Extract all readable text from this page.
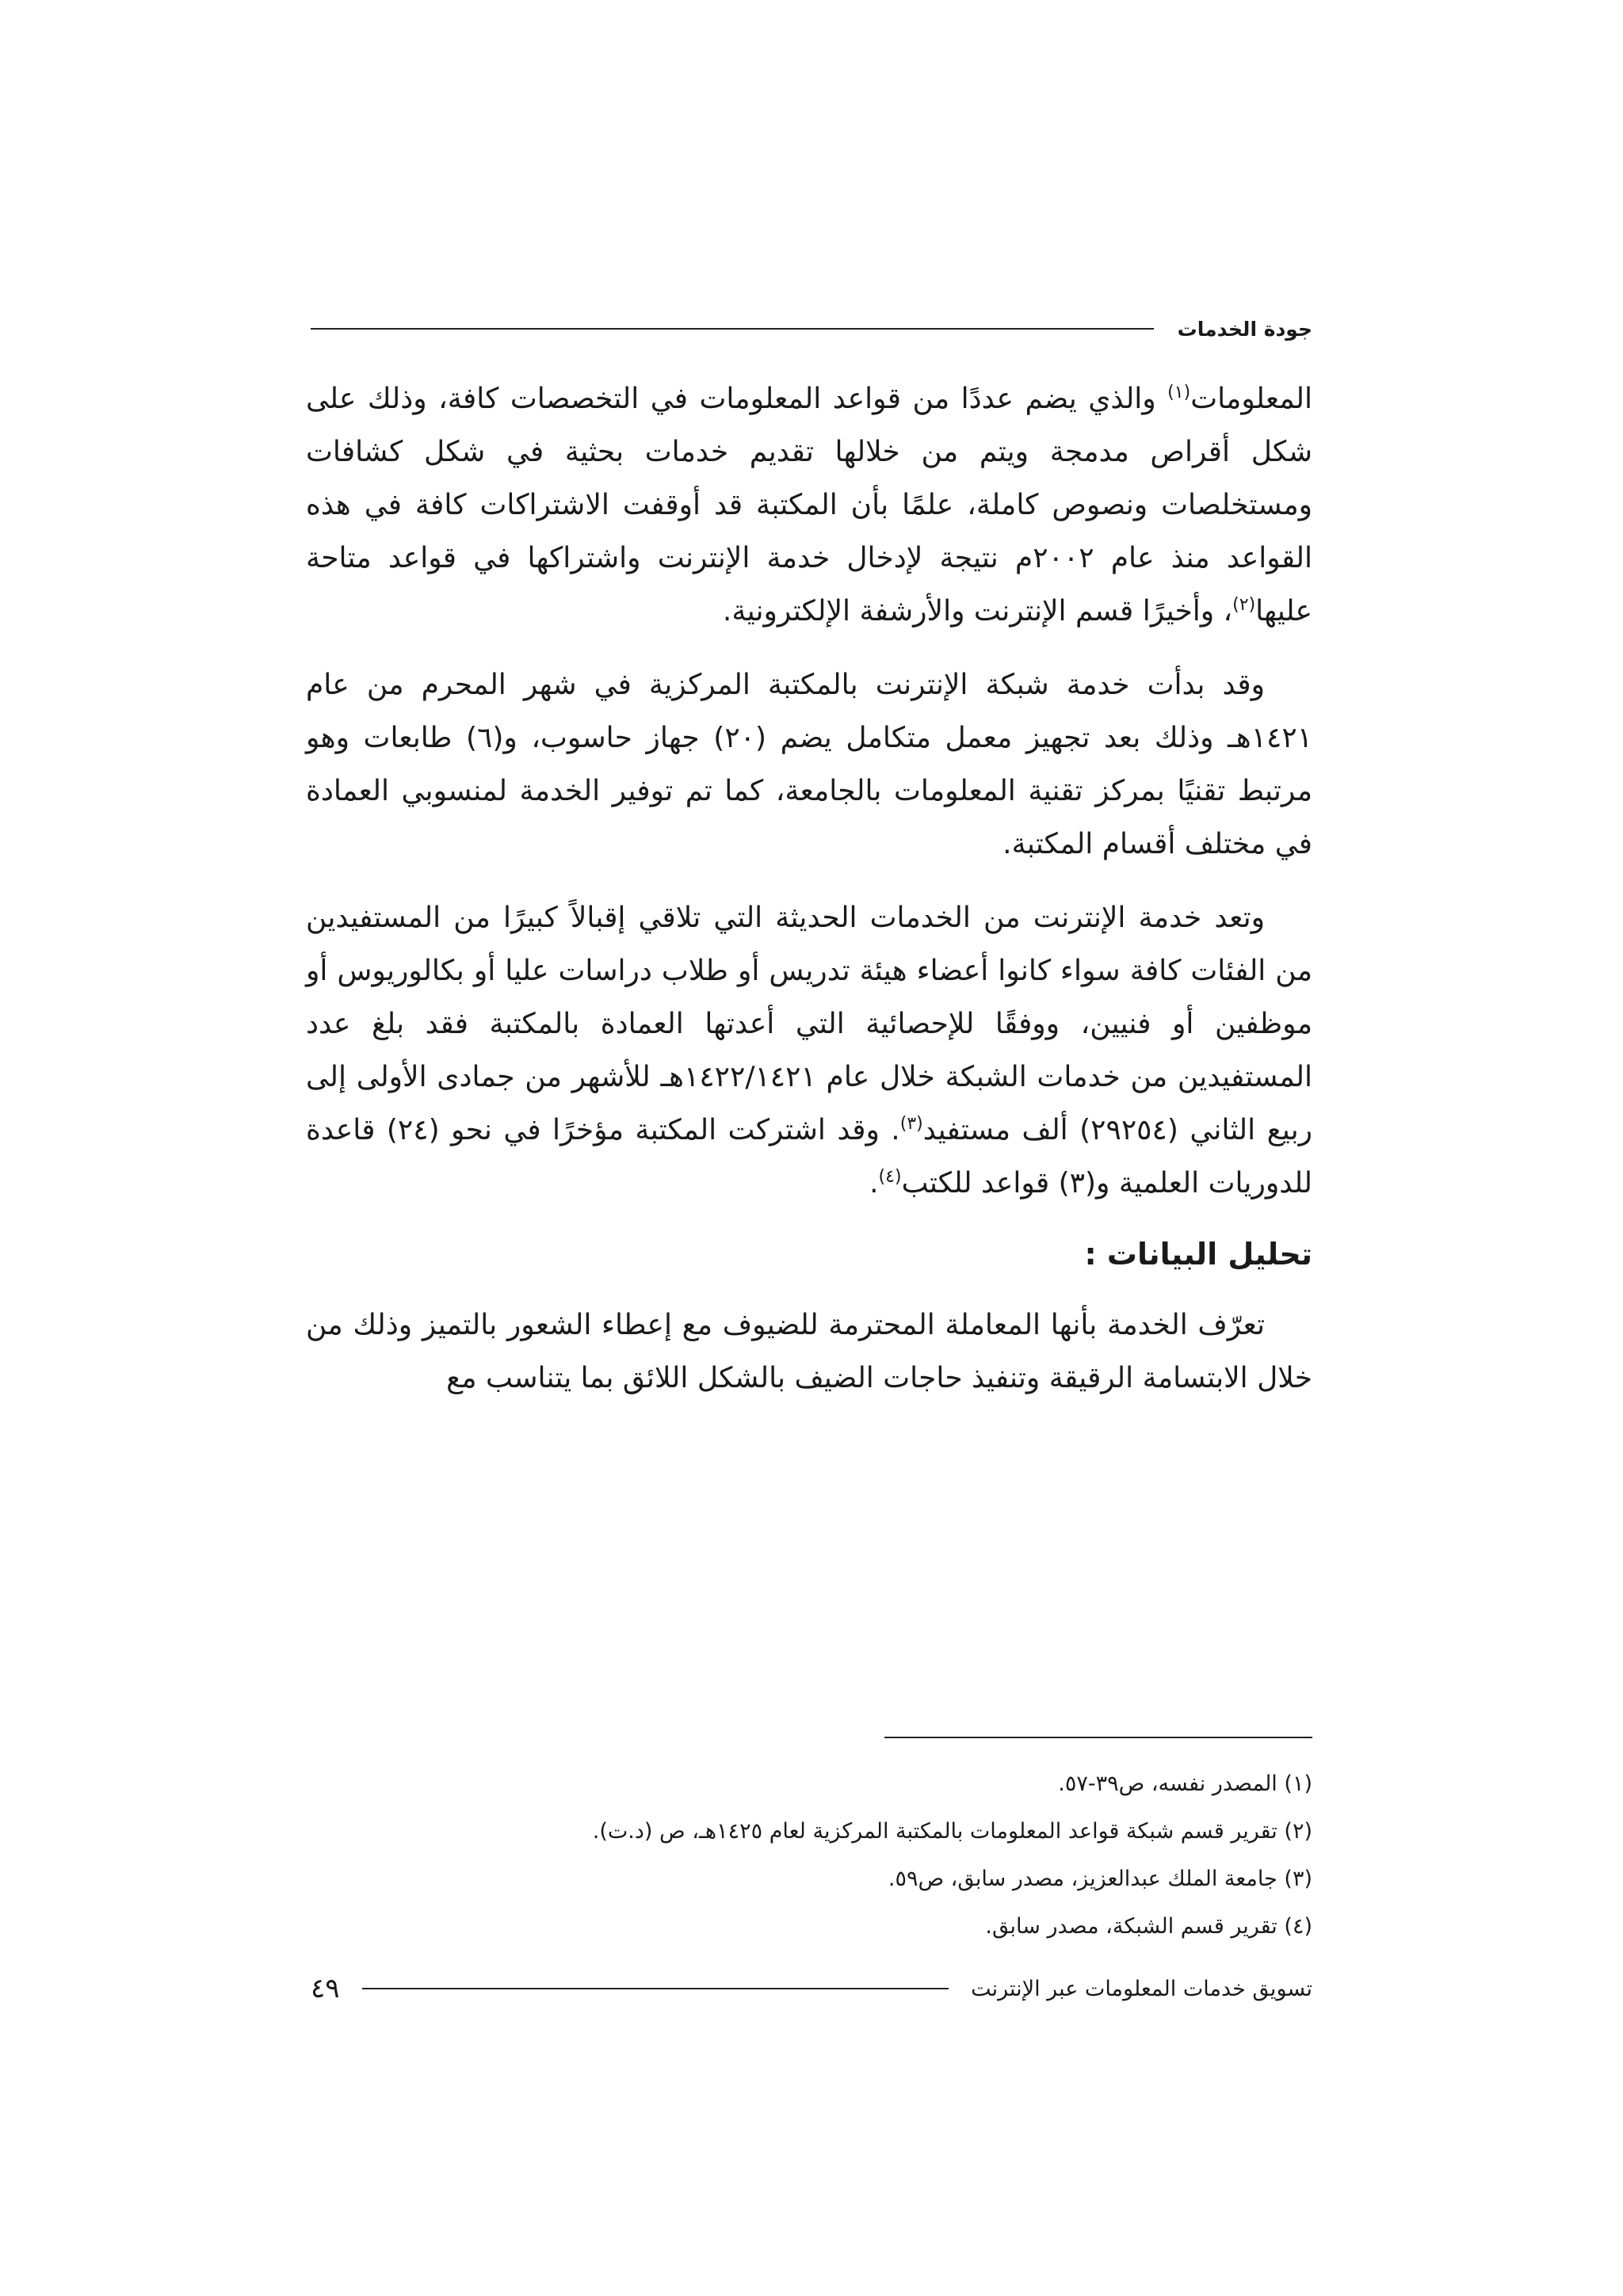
جودة الخدمات

المعلومات$^{(١)}$ والذي يضم عددًا من قواعد المعلومات في التخصصات كافة، وذلك على شكل أقراص مدمجة ويتم من خلالها تقديم خدمات بحثية في شكل كشافات ومستخلصات ونصوص كاملة، علمًا بأن المكتبة قد أوقفت الاشتراكات كافة في هذه القواعد منذ عام ٢٠٠٢م نتيجة لإدخال خدمة الإنترنت واشتراكها في قواعد متاحة عليها$^{(٢)}$، وأخيرًا قسم الإنترنت والأرشفة الإلكترونية.

وقد بدأت خدمة شبكة الإنترنت بالمكتبة المركزية في شهر المحرم من عام ١٤٢١هـ وذلك بعد تجهيز معمل متكامل يضم (٢٠) جهاز حاسوب، و(٦) طابعات وهو مرتبط تقنيًا بمركز تقنية المعلومات بالجامعة، كما تم توفير الخدمة لمنسوبي العمادة في مختلف أقسام المكتبة.

وتعد خدمة الإنترنت من الخدمات الحديثة التي تلاقي إقبالاً كبيرًا من المستفيدين من الفئات كافة سواء كانوا أعضاء هيئة تدريس أو طلاب دراسات عليا أو بكالوريوس أو موظفين أو فنيين، ووفقًا للإحصائية التي أعدتها العمادة بالمكتبة فقد بلغ عدد المستفيدين من خدمات الشبكة خلال عام ١٤٢٢/١٤٢١هـ للأشهر من جمادى الأولى إلى ربيع الثاني (٢٩٢٥٤) ألف مستفيد$^{(٣)}$. وقد اشتركت المكتبة مؤخرًا في نحو (٢٤) قاعدة للدوريات العلمية و(٣) قواعد للكتب$^{(٤)}$.

تحليل البيانات :

تعرّف الخدمة بأنها المعاملة المحترمة للضيوف مع إعطاء الشعور بالتميز وذلك من خلال الابتسامة الرقيقة وتنفيذ حاجات الضيف بالشكل اللائق بما يتناسب مع

(١) المصدر نفسه، ص٣٩-٥٧.

(٢) تقرير قسم شبكة قواعد المعلومات بالمكتبة المركزية لعام ١٤٢٥هـ، ص (د.ت).

(٣) جامعة الملك عبدالعزيز، مصدر سابق، ص٥٩.

(٤) تقرير قسم الشبكة، مصدر سابق.

تسويق خدمات المعلومات عبر الإنترنت
٤٩
